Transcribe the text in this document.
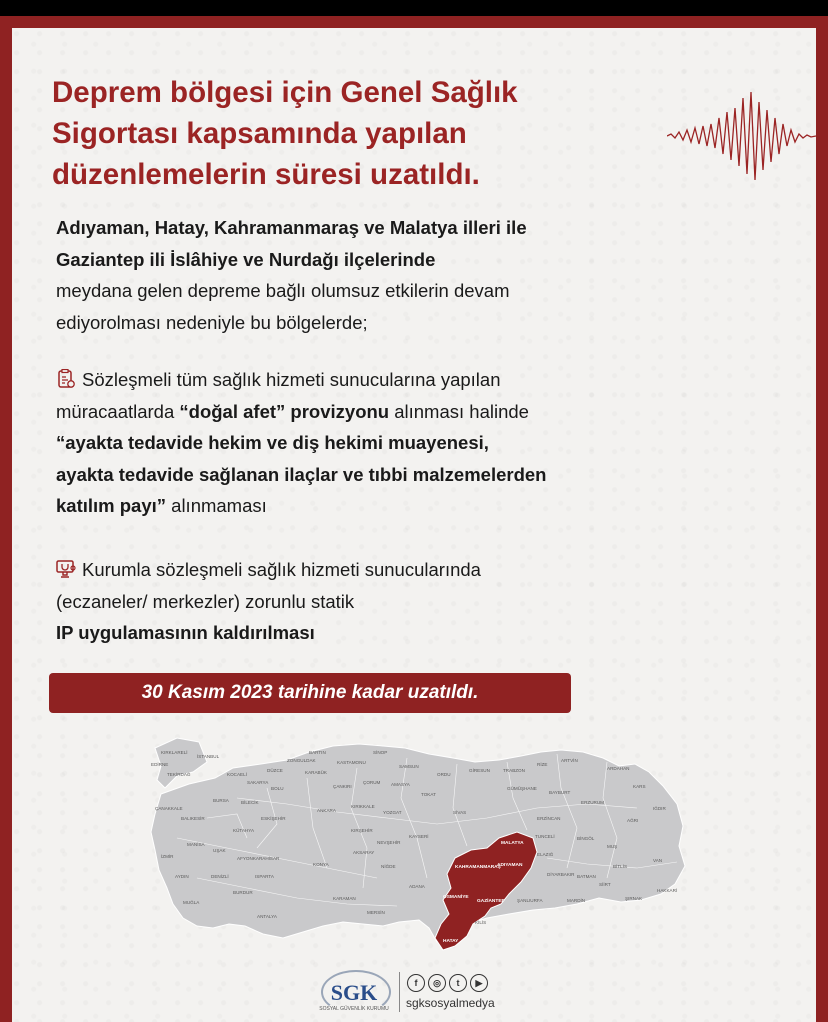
Deprem bölgesi için Genel Sağlık
Sigortası kapsamında yapılan
düzenlemelerin süresi uzatıldı.
Adıyaman, Hatay, Kahramanmaraş ve Malatya illeri ile
Gaziantep ili İslâhiye ve Nurdağı ilçelerinde
meydana gelen depreme bağlı olumsuz etkilerin devam
ediyorolması nedeniyle bu bölgelerde;
Sözleşmeli tüm sağlık hizmeti sunucularına yapılan
müracaatlarda “doğal afet” provizyonu alınması halinde
“ayakta tedavide hekim ve diş hekimi muayenesi,
ayakta tedavide sağlanan ilaçlar ve tıbbi malzemelerden
katılım payı” alınmaması
Kurumla sözleşmeli sağlık hizmeti sunucularında
(eczaneler/ merkezler) zorunlu statik
IP uygulamasının kaldırılması
30 Kasım 2023 tarihine kadar uzatıldı.
KIRKLARELİ
EDİRNE
TEKİRDAĞ
İSTANBUL
KOCAELİ
SAKARYA
DÜZCE
ZONGULDAK
BARTIN
KASTAMONU
SİNOP
SAMSUN
ORDU
GİRESUN	TRABZON
RİZE
ARTVİN
ARDAHAN
KARS
IĞDIR
AĞRI
ERZURUM
ERZİNCAN
BAYBURT
GÜMÜŞHANE
ÇANAKKALE
BALIKESİR
BURSA	BİLECİK
BOLU
KARABÜK
ÇANKIRI
ÇORUM AMASYA
TOKAT
SİVAS
ANKARA
KIRIKKALE
YOZGAT
ESKİŞEHİR
KÜTAHYA
MANİSA
İZMİR
UŞAK
AFYONKARAHİSAR
AYDIN	DENİZLİ
MUĞLA
BURDUR
ISPARTA
ANTALYA
KONYA
AKSARAY
KIRŞEHİR
NEVŞEHİR
KAYSERİ
NİĞDE
KARAMAN
MERSİN
ADANA
ELAZIĞ
TUNCELİ	BİNGÖL
MUŞ
BİTLİS
VAN
HAKKARİ
SİİRT
BATMAN
DİYARBAKIR
MARDİN	ŞIRNAK
ŞANLIURFA
KİLİS
MALATYA
KAHRAMANMARAŞ
ADIYAMAN
GAZİANTEP
OSMANİYE
HATAY
SGK
SOSYAL GÜVENLİK KURUMU
f	◎	t	▶
sgksosyalmedya
